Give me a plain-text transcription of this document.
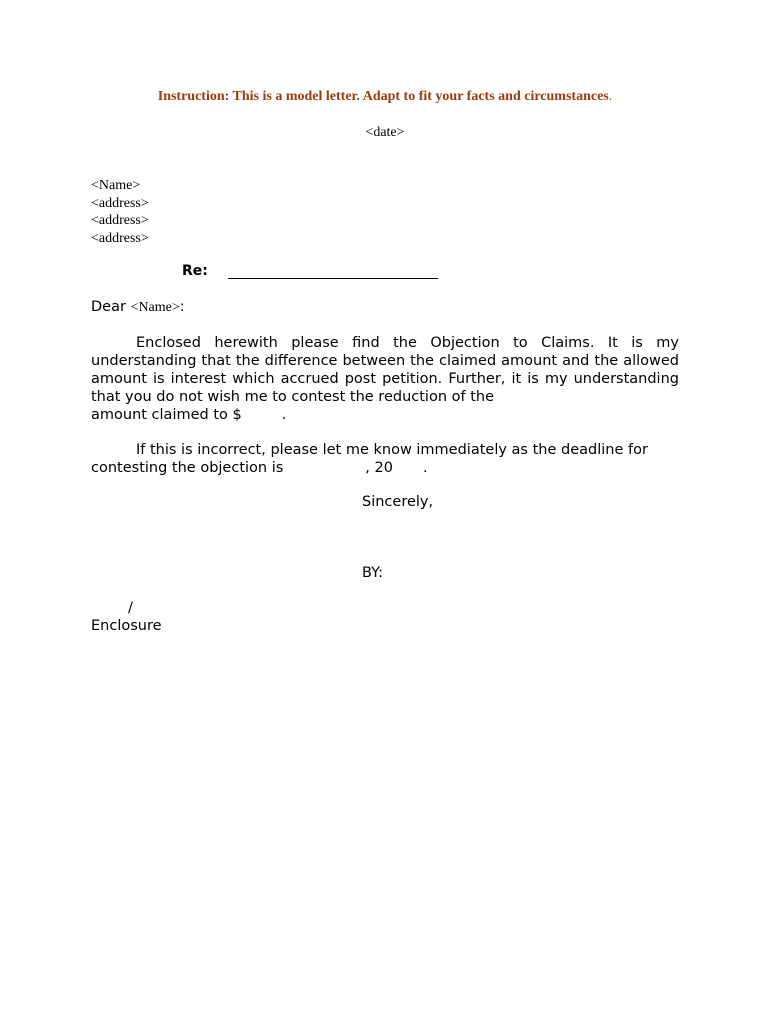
Instruction: This is a model letter. Adapt to fit your facts and circumstances.
<date>
<Name>
<address>
<address>
<address>
Re:
Dear <Name>:
Enclosed herewith please find the Objection to Claims. It is my understanding that the difference between the claimed amount and the allowed amount is interest which accrued post petition. Further, it is my understanding that you do not wish me to contest the reduction of the
amount claimed to $	.
If this is incorrect, please let me know immediately as the deadline for
contesting the objection is	, 20 .
Sincerely,
BY:
/
Enclosure
